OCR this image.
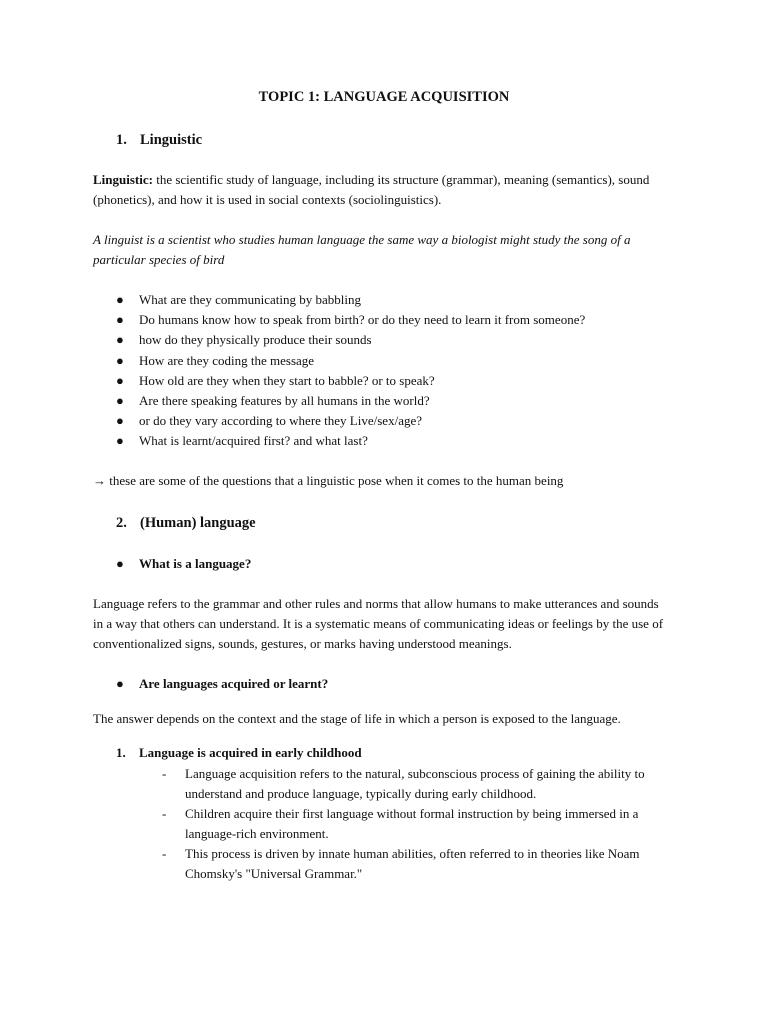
TOPIC 1: LANGUAGE ACQUISITION
1. Linguistic
Linguistic: the scientific study of language, including its structure (grammar), meaning (semantics), sound (phonetics), and how it is used in social contexts (sociolinguistics).
A linguist is a scientist who studies human language the same way a biologist might study the song of a particular species of bird
● What are they communicating by babbling
● Do humans know how to speak from birth? or do they need to learn it from someone?
● how do they physically produce their sounds
● How are they coding the message
● How old are they when they start to babble? or to speak?
● Are there speaking features by all humans in the world?
● or do they vary according to where they Live/sex/age?
● What is learnt/acquired first? and what last?
→ these are some of the questions that a linguistic pose when it comes to the human being
2. (Human) language
● What is a language?
Language refers to the grammar and other rules and norms that allow humans to make utterances and sounds in a way that others can understand. It is a systematic means of communicating ideas or feelings by the use of conventionalized signs, sounds, gestures, or marks having understood meanings.
● Are languages acquired or learnt?
The answer depends on the context and the stage of life in which a person is exposed to the language.
1. Language is acquired in early childhood
- Language acquisition refers to the natural, subconscious process of gaining the ability to understand and produce language, typically during early childhood.
- Children acquire their first language without formal instruction by being immersed in a language-rich environment.
- This process is driven by innate human abilities, often referred to in theories like Noam Chomsky's "Universal Grammar."
